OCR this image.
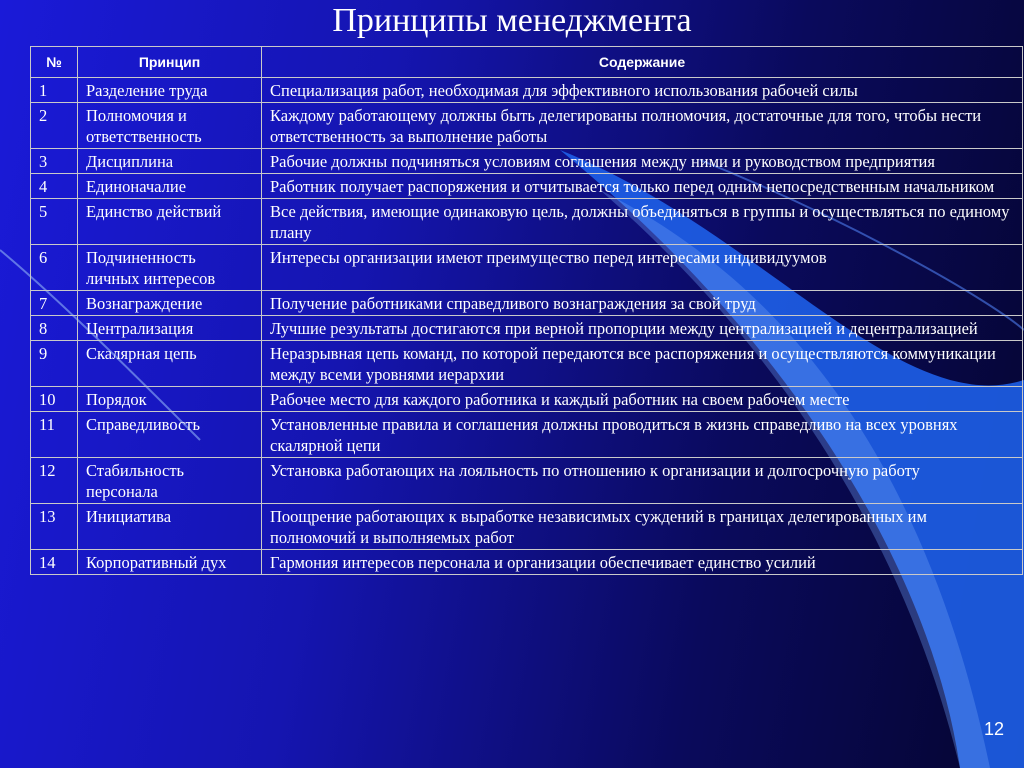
Принципы менеджмента
№	Принцип	Содержание
1	Разделение труда	Специализация работ, необходимая для эффективного использования рабочей силы
2	Полномочия и ответственность	Каждому работающему должны быть делегированы полномочия, достаточные для того, чтобы нести ответственность за выполнение работы
3	Дисциплина	Рабочие должны подчиняться условиям соглашения между ними и руководством предприятия
4	Единоначалие	Работник получает распоряжения и отчитывается только перед одним непосредственным начальником
5	Единство действий	Все действия, имеющие одинаковую цель, должны объединяться в группы и осуществляться по единому плану
6	Подчиненность личных интересов	Интересы организации имеют преимущество перед интересами индивидуумов
7	Вознаграждение	Получение работниками справедливого вознаграждения за свой труд
8	Централизация	Лучшие результаты достигаются при верной пропорции между централизацией и децентрализацией
9	Скалярная цепь	Неразрывная цепь команд, по которой передаются все распоряжения и осуществляются коммуникации между всеми уровнями иерархии
10	Порядок	Рабочее место для каждого работника и каждый работник на своем рабочем месте
11	Справедливость	Установленные правила и соглашения должны проводиться в жизнь справедливо на всех уровнях скалярной цепи
12	Стабильность персонала	Установка работающих на лояльность по отношению к организации и долгосрочную работу
13	Инициатива	Поощрение работающих к выработке независимых суждений в границах делегированных им полномочий и выполняемых работ
14	Корпоративный дух	Гармония интересов персонала и организации обеспечивает единство усилий
12
